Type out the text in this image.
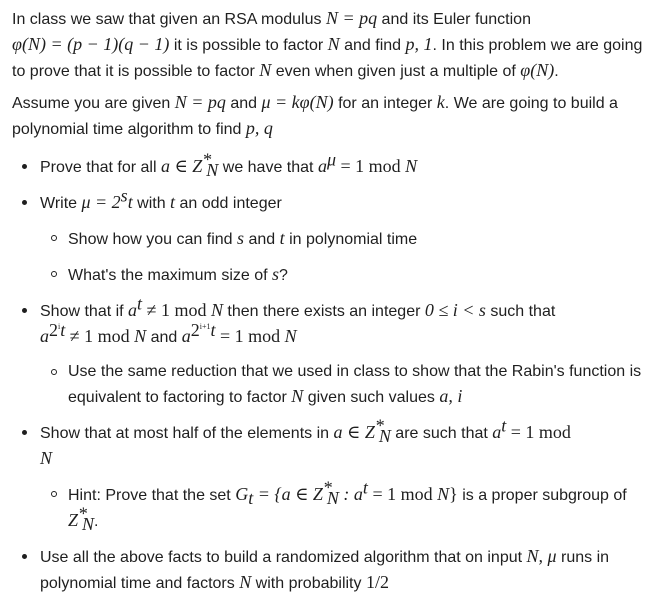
In class we saw that given an RSA modulus N = pq and its Euler function
φ(N) = (p − 1)(q − 1) it is possible to factor N and find p, 1. In this problem we are going to prove that it is possible to factor N even when given just a multiple of φ(N).

Assume you are given N = pq and μ = kφ(N) for an integer k. We are going to build a polynomial time algorithm to find p, q

Prove that for all a ∈ $Z^*_N$ we have that $a^\mu = 1$ mod N
Write $\mu = 2^st$ with t an odd integer
Show how you can find s and t in polynomial time
What's the maximum size of s?
Show that if $a^t \ne 1$ mod N then there exists an integer 0 ≤ i < s such that
$a^{2^it} \ne 1$ mod N and $a^{2^{i+1}t} = 1$ mod N
Use the same reduction that we used in class to show that the Rabin's function is equivalent to factoring to factor N given such values a, i
Show that at most half of the elements in a ∈ $Z^*_N$ are such that $a^t = 1$ mod
N
Hint: Prove that the set $G_t = \{a$ ∈ $Z^*_N$ : $a^t = 1$ mod N} is a proper subgroup of $Z^*_N$.
Use all the above facts to build a randomized algorithm that on input N, μ runs in polynomial time and factors N with probability 1/2
